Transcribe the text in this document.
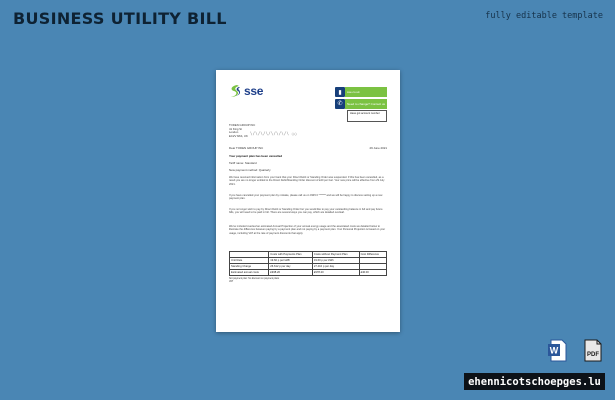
BUSINESS UTILITY BILL	fully editable template
sse	▮	sse.co.uk
✆	Need to change? Contact us
Have got account number
TODEN GROUP INC
41 King St
London
EC2V 8AS, UK \/\/\/\/\/\/\/\ ○○
Dear TODEN GROUP INC	29 June 2021
Your payment plan has been cancelled
Tariff name: Standard
New payment method: Quarterly
We have received information from your bank that your Direct Debit or Standing Order was suspended. If this has been cancelled, as a result you are no longer entitled to the Direct Debit/Standing Order discount of £40 per fuel. Your new price will be effective from 29 July 2021.
If you have cancelled your payment plan by mistake, please call us on 0345 0 ******* and we will be happy to discuss setting up a new payment plan.
If you no longer wish to pay by Direct Debit or Standing Order but you would like to pay your outstanding balance in full and pay future bills, you will need to be paid in full. There are several ways you can pay, which are detailed overleaf.
We've included overleaf an estimated Annual Projection of your annual energy usage and the associated costs we detailed below to illustrate the difference between paying by a payment plan and not paying by a payment plan. Your Personal Projection is based on your usage, including VAT at the rate of payment discounts that apply.
	Costs with Payments Plan	Costs without Payment Plan	Cost Difference
Unit Rate	19.60 p per kWh	19.60 p per kWh	
Standing Charge	26.612 p per day	27.410 p per day	
Estimated annual costs	£938.20	£978.20	£40.00
Not payment plan: No discount on payment plans
VAT
W	PDF
ehennicotschoepges.lu
